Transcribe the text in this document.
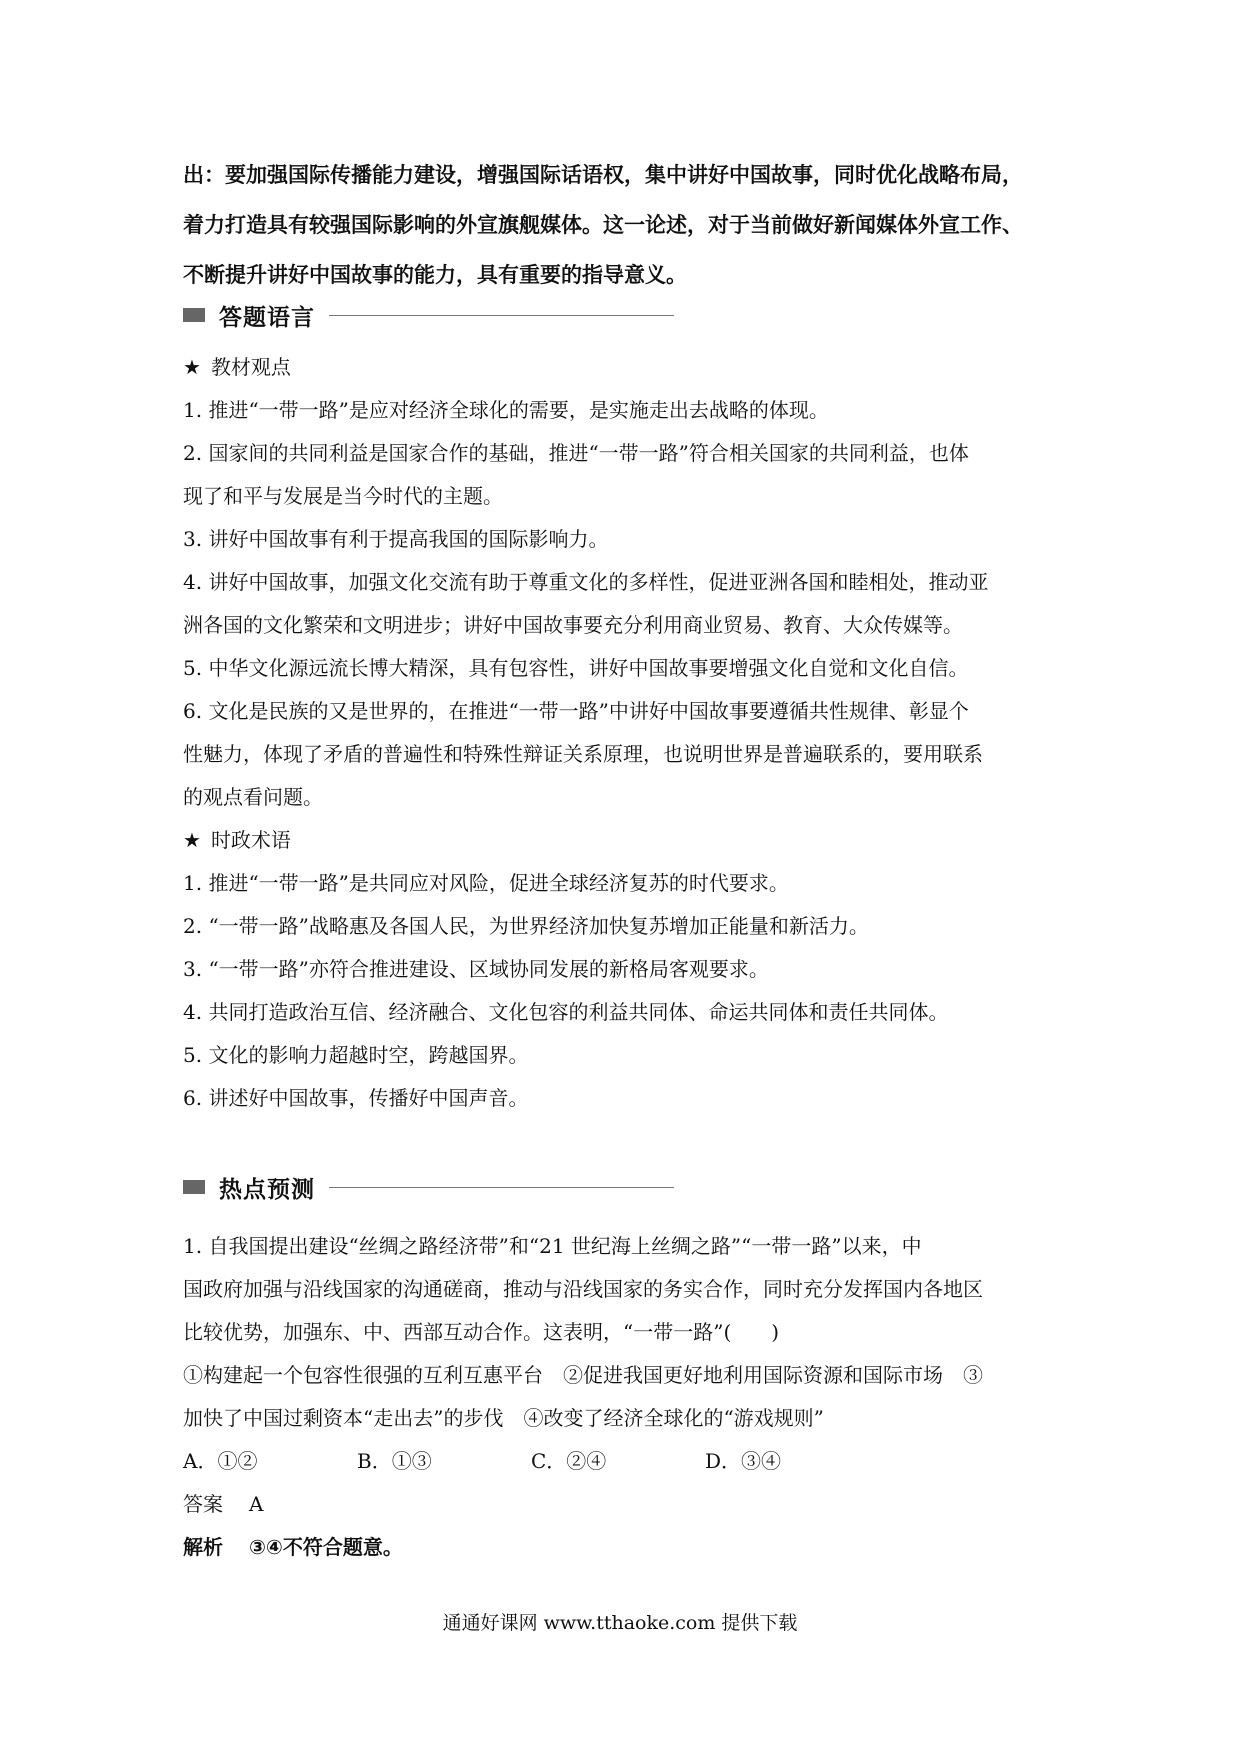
出：要加强国际传播能力建设，增强国际话语权，集中讲好中国故事，同时优化战略布局，

着力打造具有较强国际影响的外宣旗舰媒体。这一论述，对于当前做好新闻媒体外宣工作、

不断提升讲好中国故事的能力，具有重要的指导意义。

答题语言

★ 教材观点

1. 推进“一带一路”是应对经济全球化的需要，是实施走出去战略的体现。

2. 国家间的共同利益是国家合作的基础，推进“一带一路”符合相关国家的共同利益，也体

现了和平与发展是当今时代的主题。

3. 讲好中国故事有利于提高我国的国际影响力。

4. 讲好中国故事，加强文化交流有助于尊重文化的多样性，促进亚洲各国和睦相处，推动亚

洲各国的文化繁荣和文明进步；讲好中国故事要充分利用商业贸易、教育、大众传媒等。

5. 中华文化源远流长博大精深，具有包容性，讲好中国故事要增强文化自觉和文化自信。

6. 文化是民族的又是世界的，在推进“一带一路”中讲好中国故事要遵循共性规律、彰显个

性魅力，体现了矛盾的普遍性和特殊性辩证关系原理，也说明世界是普遍联系的，要用联系

的观点看问题。

★ 时政术语

1. 推进“一带一路”是共同应对风险，促进全球经济复苏的时代要求。

2. “一带一路”战略惠及各国人民，为世界经济加快复苏增加正能量和新活力。

3. “一带一路”亦符合推进建设、区域协同发展的新格局客观要求。

4. 共同打造政治互信、经济融合、文化包容的利益共同体、命运共同体和责任共同体。

5. 文化的影响力超越时空，跨越国界。

6. 讲述好中国故事，传播好中国声音。

热点预测

1. 自我国提出建设“丝绸之路经济带”和“21 世纪海上丝绸之路”“一带一路”以来，中

国政府加强与沿线国家的沟通磋商，推动与沿线国家的务实合作，同时充分发挥国内各地区

比较优势，加强东、中、西部互动合作。这表明，“一带一路”(　　)

①构建起一个包容性很强的互利互惠平台　②促进我国更好地利用国际资源和国际市场　③

加快了中国过剩资本“走出去”的步伐　④改变了经济全球化的“游戏规则”

A．①②	B．①③	C．②④	D．③④

答案 A

解析 ③④不符合题意。

通通好课网 www.tthaoke.com 提供下载
